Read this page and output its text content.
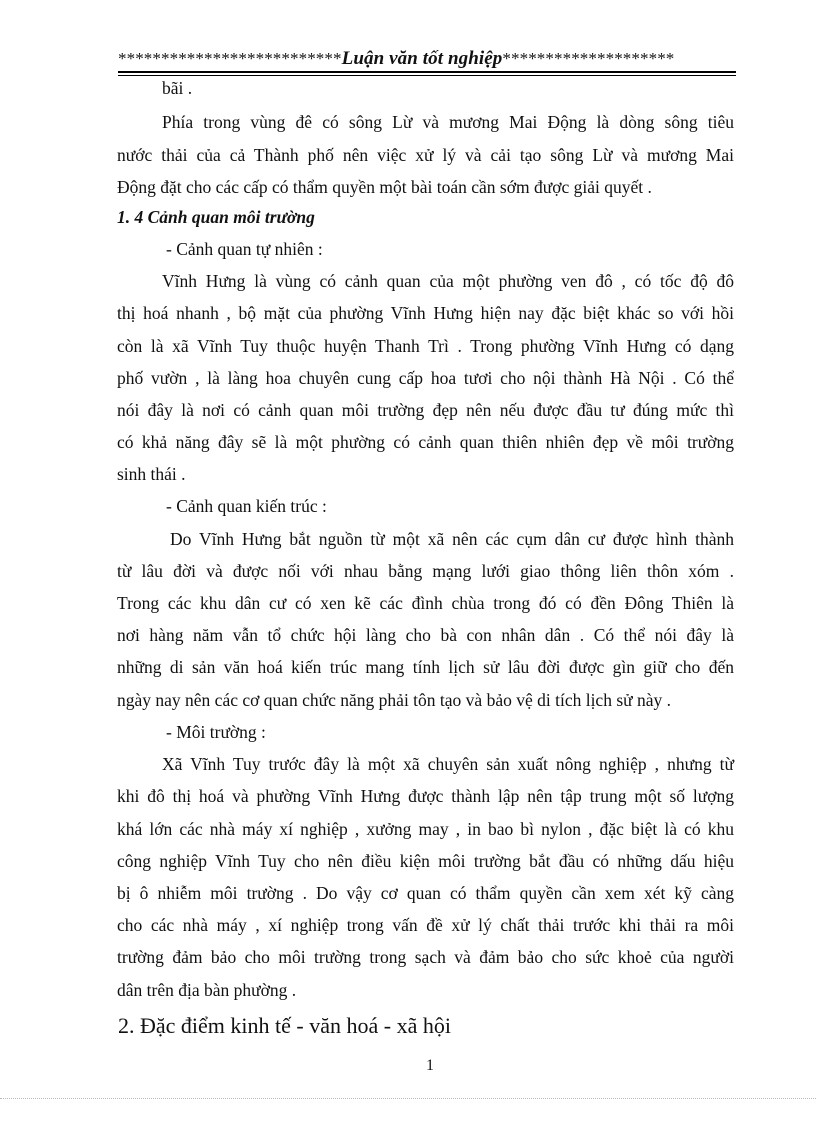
**************************Luận văn tốt nghiệp********************
bãi .
Phía trong vùng đê có sông Lừ và mương Mai Động là dòng sông tiêu
nước thải của cả Thành phố nên việc xử lý và cải tạo sông Lừ và mương Mai
Động đặt cho các cấp có thẩm quyền một bài toán cần sớm được giải quyết .
1. 4 Cảnh quan môi trường
- Cảnh quan tự nhiên :
Vĩnh Hưng là vùng có cảnh quan của một phường ven đô , có tốc độ đô
thị hoá nhanh , bộ mặt của phường Vĩnh Hưng hiện nay đặc biệt khác so với hồi
còn là xã Vĩnh Tuy thuộc huyện Thanh Trì . Trong phường Vĩnh Hưng có dạng
phố vườn , là làng hoa chuyên cung cấp hoa tươi cho nội thành Hà Nội . Có thể
nói đây là nơi có cảnh quan môi trường đẹp nên nếu được đầu tư đúng mức thì
có khả năng đây sẽ là một phường có cảnh quan thiên nhiên đẹp về môi trường
sinh thái .
- Cảnh quan kiến trúc :
Do Vĩnh Hưng bắt nguồn từ một xã nên các cụm dân cư được hình thành
từ lâu đời và được nối với nhau bằng mạng lưới giao thông liên thôn xóm .
Trong các khu dân cư có xen kẽ các đình chùa trong đó có đền Đông Thiên là
nơi hàng năm vẫn tổ chức hội làng cho bà con nhân dân . Có thể nói đây là
những di sản văn hoá kiến trúc mang tính lịch sử lâu đời được gìn giữ cho đến
ngày nay nên các cơ quan chức năng phải tôn tạo và bảo vệ di tích lịch sử này .
- Môi trường :
Xã Vĩnh Tuy trước đây là một xã chuyên sản xuất nông nghiệp , nhưng từ
khi đô thị hoá và phường Vĩnh Hưng được thành lập nên tập trung một số lượng
khá lớn các nhà máy xí nghiệp , xưởng may , in bao bì nylon , đặc biệt là có khu
công nghiệp Vĩnh Tuy cho nên điều kiện môi trường bắt đầu có những dấu hiệu
bị ô nhiễm môi trường . Do vậy cơ quan có thẩm quyền cần xem xét kỹ càng
cho các nhà máy , xí nghiệp trong vấn đề xử lý chất thải trước khi thải ra môi
trường đảm bảo cho môi trường trong sạch và đảm bảo cho sức khoẻ của người
dân trên địa bàn phường .
2. Đặc điểm kinh tế - văn hoá - xã hội
1
